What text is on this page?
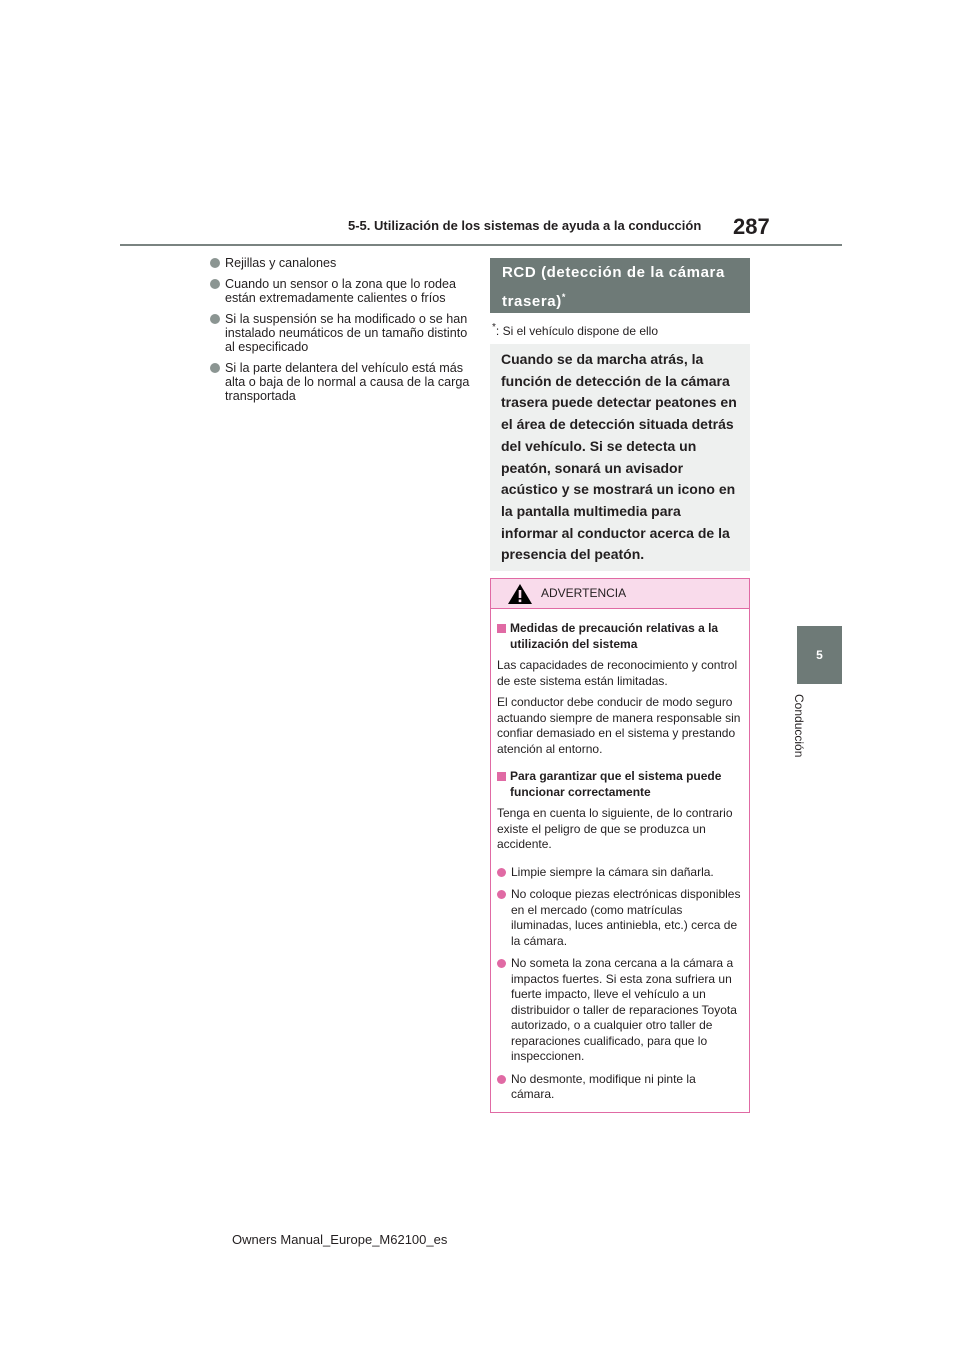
5-5. Utilización de los sistemas de ayuda a la conducción 287
5
Conducción
Rejillas y canalones
Cuando un sensor o la zona que lo rodea están extremadamente calientes o fríos
Si la suspensión se ha modificado o se han instalado neumáticos de un tamaño distinto al especificado
Si la parte delantera del vehículo está más alta o baja de lo normal a causa de la carga transportada
RCD (detección de la cámara trasera)*
*: Si el vehículo dispone de ello
Cuando se da marcha atrás, la función de detección de la cámara trasera puede detectar peatones en el área de detección situada detrás del vehículo. Si se detecta un peatón, sonará un avisador acústico y se mostrará un icono en la pantalla multimedia para informar al conductor acerca de la presencia del peatón.
ADVERTENCIA
Medidas de precaución relativas a la utilización del sistema
Las capacidades de reconocimiento y control de este sistema están limitadas.
El conductor debe conducir de modo seguro actuando siempre de manera responsable sin confiar demasiado en el sistema y prestando atención al entorno.
Para garantizar que el sistema puede funcionar correctamente
Tenga en cuenta lo siguiente, de lo contrario existe el peligro de que se produzca un accidente.
Limpie siempre la cámara sin dañarla.
No coloque piezas electrónicas disponibles en el mercado (como matrículas iluminadas, luces antiniebla, etc.) cerca de la cámara.
No someta la zona cercana a la cámara a impactos fuertes. Si esta zona sufriera un fuerte impacto, lleve el vehículo a un distribuidor o taller de reparaciones Toyota autorizado, o a cualquier otro taller de reparaciones cualificado, para que lo inspeccionen.
No desmonte, modifique ni pinte la cámara.
Owners Manual_Europe_M62100_es
